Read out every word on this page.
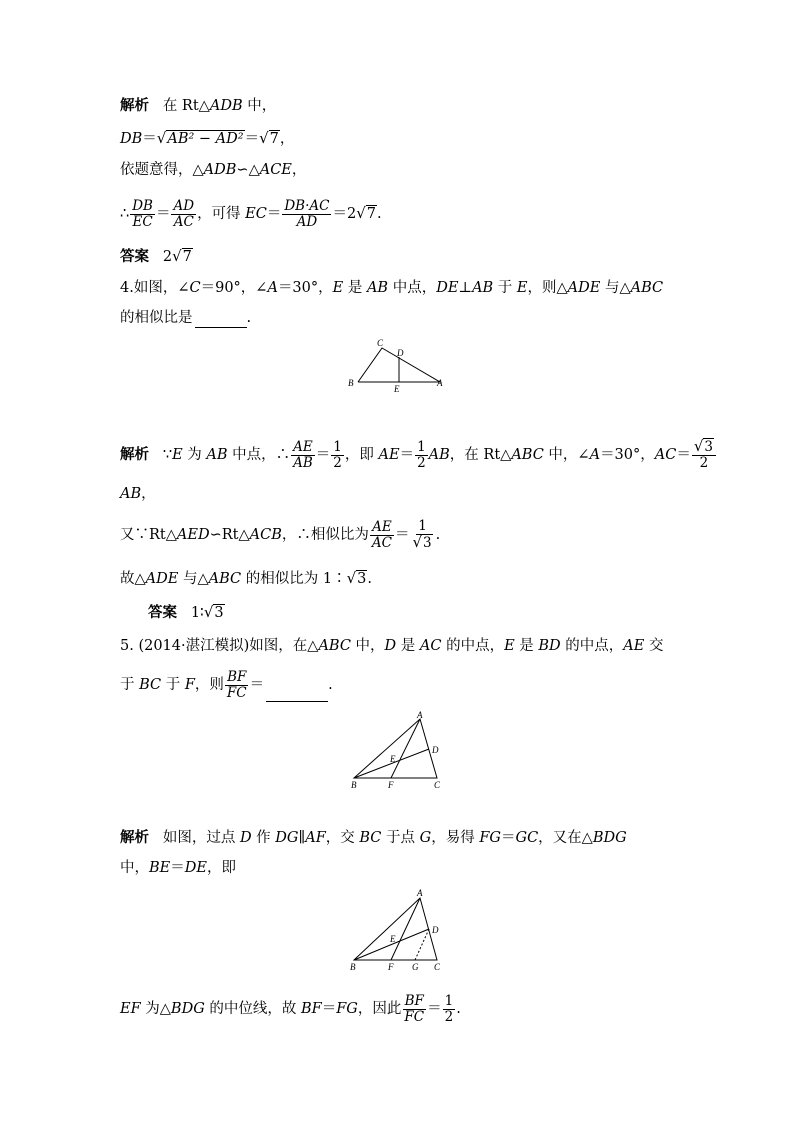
解析 在 Rt△ADB 中，
DB＝√AB² − AD²＝√7，
依题意得，△ADB∽△ACE，
∴ $\frac{DB}{EC} = \frac{AD}{AC}$ ，可得 $EC= \frac{DB\cdot AC}{AD} =2√7$.
答案 2√7
4.如图，∠C＝90°，∠A＝30°，E 是 AB 中点，DE⊥AB 于 E，则△ADE 与△ABC
的相似比是	.
C
D
B
E
A
解析 ∵E 为 AB 中点，∴ $\frac{AE}{AB} = \frac{1}{2}$ ，即 $AE= \frac{1}{2}$ AB，在 Rt△ABC 中，∠A＝30°，$AC= \frac{√3}{2}$
AB，
又∵Rt△AED∽Rt△ACB，∴相似比为 $\frac{AE}{AC} = \frac{1}{√3}$ .
故△ADE 与△ABC 的相似比为 1∶√3.
答案 1∶√3
5. (2014·湛江模拟)如图，在△ABC 中，D 是 AC 的中点，E 是 BD 的中点，AE 交
于 BC 于 F，则 $\frac{BF}{FC}$ ＝	.
A
D
E
B	F	C
解析 如图，过点 D 作 DG∥AF，交 BC 于点 G，易得 FG＝GC，又在△BDG
中，BE＝DE，即
A
D
E
B	F G C
EF 为△BDG 的中位线，故 BF＝FG，因此 $\frac{BF}{FC} = \frac{1}{2}$ .
